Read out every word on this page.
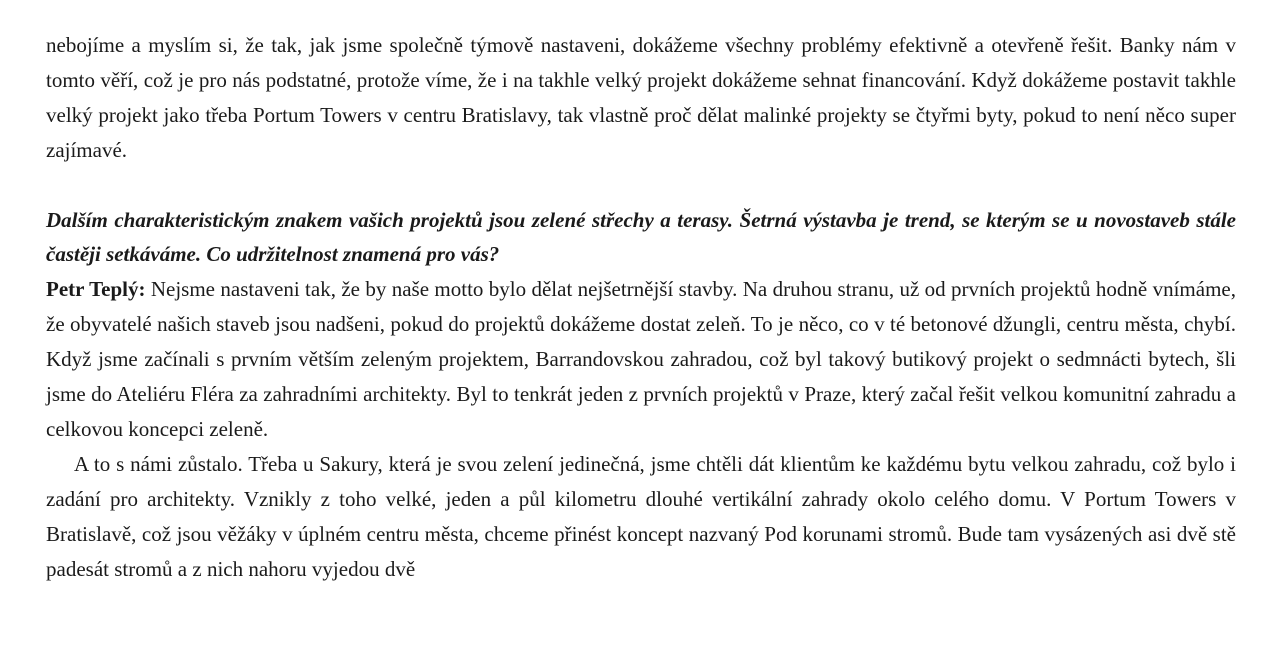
nebojíme a myslím si, že tak, jak jsme společně týmově nastaveni, dokážeme všechny problémy efektivně a otevřeně řešit. Banky nám v tomto věří, což je pro nás podstatné, protože víme, že i na takhle velký projekt dokážeme sehnat financování. Když dokážeme postavit takhle velký projekt jako třeba Portum Towers v centru Bratislavy, tak vlastně proč dělat malinké projekty se čtyřmi byty, pokud to není něco super zajímavé.

Dalším charakteristickým znakem vašich projektů jsou zelené střechy a terasy. Šetrná výstavba je trend, se kterým se u novostaveb stále častěji setkáváme. Co udržitelnost znamená pro vás?

Petr Teplý: Nejsme nastaveni tak, že by naše motto bylo dělat nejšetrnější stavby. Na druhou stranu, už od prvních projektů hodně vnímáme, že obyvatelé našich staveb jsou nadšeni, pokud do projektů dokážeme dostat zeleň. To je něco, co v té betonové džungli, centru města, chybí. Když jsme začínali s prvním větším zeleným projektem, Barrandovskou zahradou, což byl takový butikový projekt o sedmnácti bytech, šli jsme do Ateliéru Fléra za zahradními architekty. Byl to tenkrát jeden z prvních projektů v Praze, který začal řešit velkou komunitní zahradu a celkovou koncepci zeleně.

A to s námi zůstalo. Třeba u Sakury, která je svou zelení jedinečná, jsme chtěli dát klientům ke každému bytu velkou zahradu, což bylo i zadání pro architekty. Vznikly z toho velké, jeden a půl kilometru dlouhé vertikální zahrady okolo celého domu. V Portum Towers v Bratislavě, což jsou věžáky v úplném centru města, chceme přinést koncept nazvaný Pod korunami stromů. Bude tam vysázených asi dvě stě padesát stromů a z nich nahoru vyjedou dvě
